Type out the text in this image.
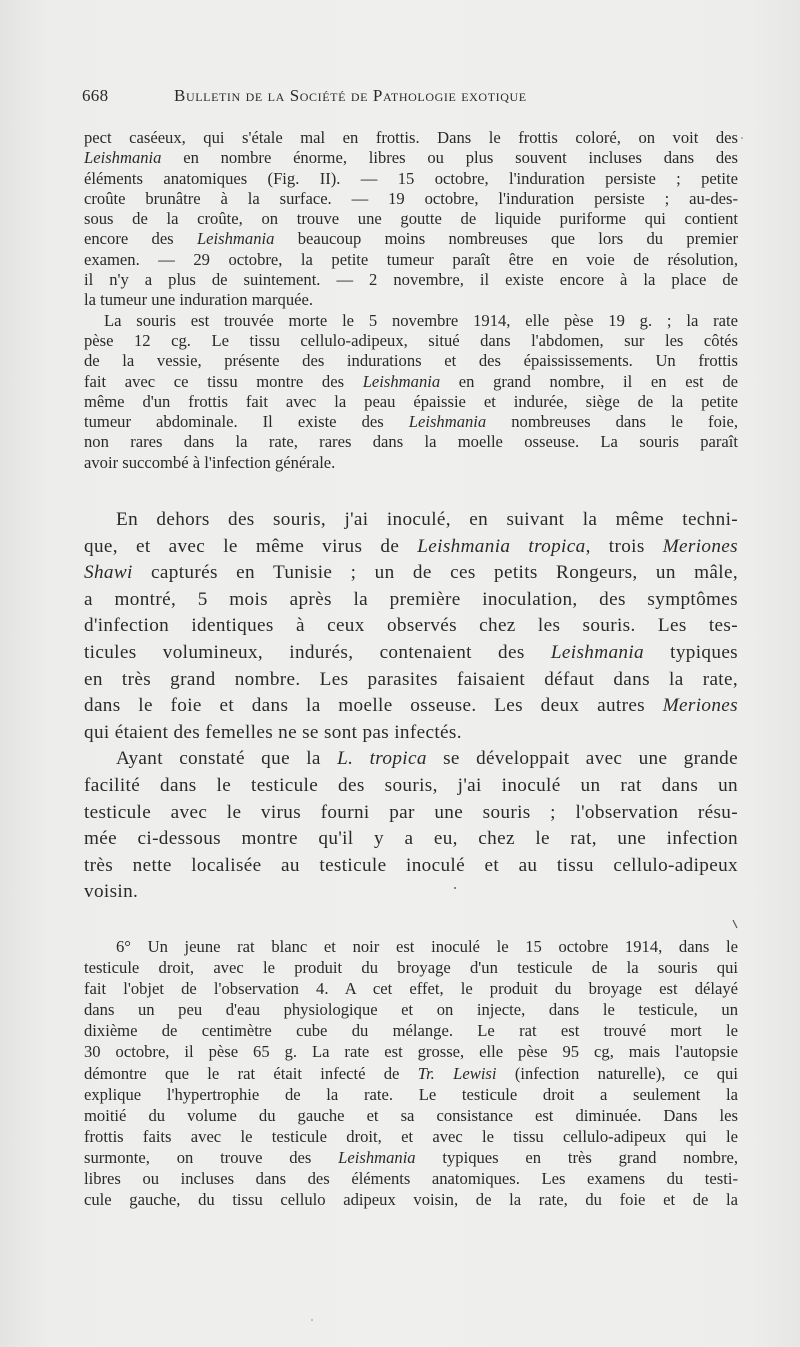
668	Bulletin de la Société de Pathologie exotique
pect caséeux, qui s'étale mal en frottis. Dans le frottis coloré, on voit des
Leishmania en nombre énorme, libres ou plus souvent incluses dans des
éléments anatomiques (Fig. II). — 15 octobre, l'induration persiste ; petite
croûte brunâtre à la surface. — 19 octobre, l'induration persiste ; au-des-
sous de la croûte, on trouve une goutte de liquide puriforme qui contient
encore des Leishmania beaucoup moins nombreuses que lors du premier
examen. — 29 octobre, la petite tumeur paraît être en voie de résolution,
il n'y a plus de suintement. — 2 novembre, il existe encore à la place de
la tumeur une induration marquée.
La souris est trouvée morte le 5 novembre 1914, elle pèse 19 g. ; la rate
pèse 12 cg. Le tissu cellulo-adipeux, situé dans l'abdomen, sur les côtés
de la vessie, présente des indurations et des épaississements. Un frottis
fait avec ce tissu montre des Leishmania en grand nombre, il en est de
même d'un frottis fait avec la peau épaissie et indurée, siège de la petite
tumeur abdominale. Il existe des Leishmania nombreuses dans le foie,
non rares dans la rate, rares dans la moelle osseuse. La souris paraît
avoir succombé à l'infection générale.
En dehors des souris, j'ai inoculé, en suivant la même techni-
que, et avec le même virus de Leishmania tropica, trois Meriones
Shawi capturés en Tunisie ; un de ces petits Rongeurs, un mâle,
a montré, 5 mois après la première inoculation, des symptômes
d'infection identiques à ceux observés chez les souris. Les tes-
ticules volumineux, indurés, contenaient des Leishmania typiques
en très grand nombre. Les parasites faisaient défaut dans la rate,
dans le foie et dans la moelle osseuse. Les deux autres Meriones
qui étaient des femelles ne se sont pas infectés.
Ayant constaté que la L. tropica se développait avec une grande
facilité dans le testicule des souris, j'ai inoculé un rat dans un
testicule avec le virus fourni par une souris ; l'observation résu-
mée ci-dessous montre qu'il y a eu, chez le rat, une infection
très nette localisée au testicule inoculé et au tissu cellulo-adipeux
voisin.
6° Un jeune rat blanc et noir est inoculé le 15 octobre 1914, dans le
testicule droit, avec le produit du broyage d'un testicule de la souris qui
fait l'objet de l'observation 4. A cet effet, le produit du broyage est délayé
dans un peu d'eau physiologique et on injecte, dans le testicule, un
dixième de centimètre cube du mélange. Le rat est trouvé mort le
30 octobre, il pèse 65 g. La rate est grosse, elle pèse 95 cg, mais l'autopsie
démontre que le rat était infecté de Tr. Lewisi (infection naturelle), ce qui
explique l'hypertrophie de la rate. Le testicule droit a seulement la
moitié du volume du gauche et sa consistance est diminuée. Dans les
frottis faits avec le testicule droit, et avec le tissu cellulo-adipeux qui le
surmonte, on trouve des Leishmania typiques en très grand nombre,
libres ou incluses dans des éléments anatomiques. Les examens du testi-
cule gauche, du tissu cellulo adipeux voisin, de la rate, du foie et de la
